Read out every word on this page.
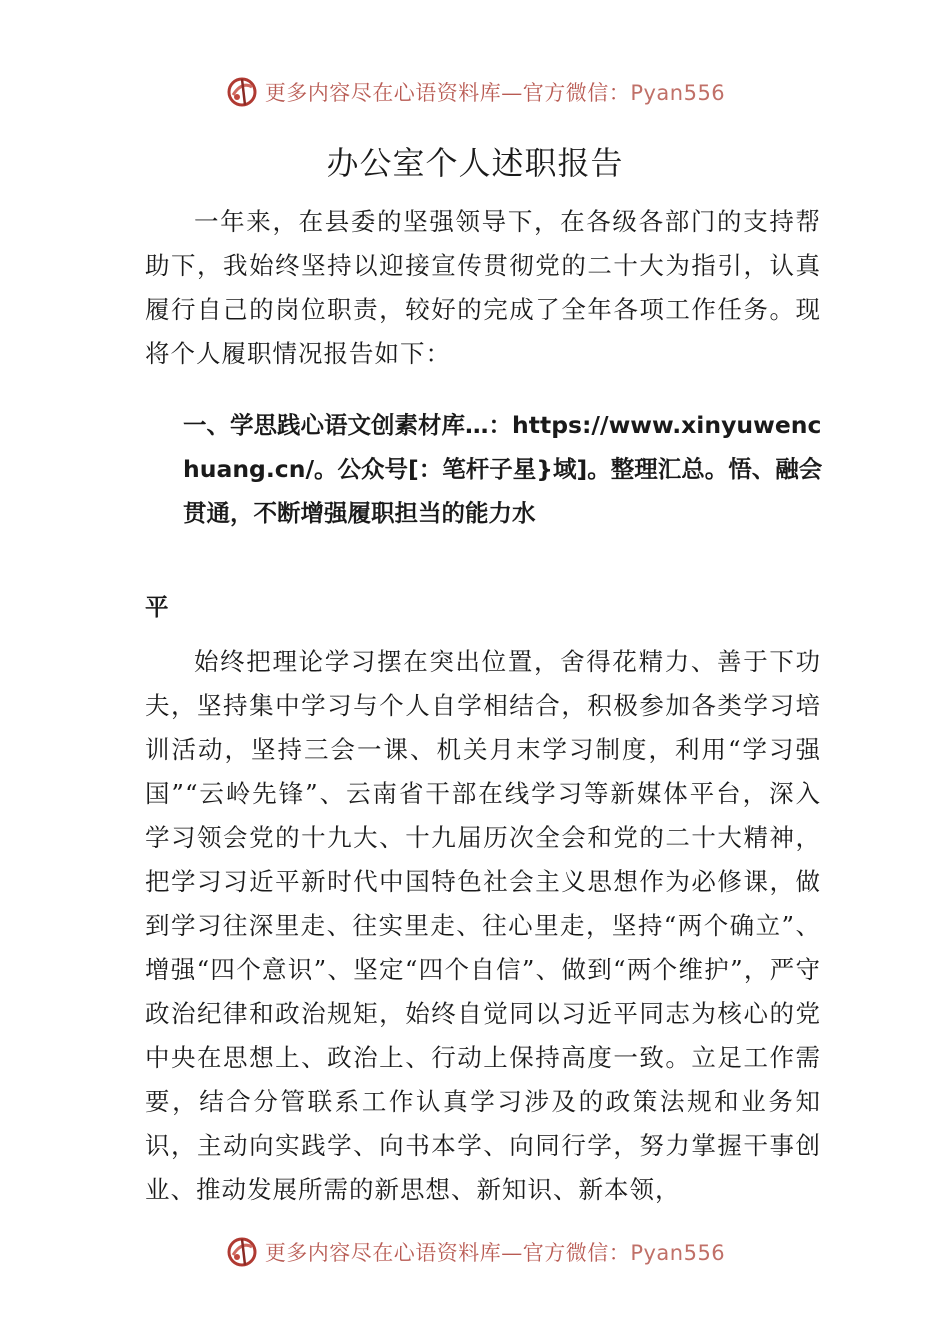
更多内容尽在心语资料库—官方微信：Pyan556
办公室个人述职报告

一年来，在县委的坚强领导下，在各级各部门的支持帮助下，我始终坚持以迎接宣传贯彻党的二十大为指引，认真履行自己的岗位职责，较好的完成了全年各项工作任务。现将个人履职情况报告如下：

一、学思践心语文创素材库…：https://www.xinyuwenchuang.cn/。公众号[：笔杆子星}域]。整理汇总。悟、融会贯通，不断增强履职担当的能力水

平

始终把理论学习摆在突出位置，舍得花精力、善于下功夫，坚持集中学习与个人自学相结合，积极参加各类学习培训活动，坚持三会一课、机关月末学习制度，利用“学习强国”“云岭先锋”、云南省干部在线学习等新媒体平台，深入学习领会党的十九大、十九届历次全会和党的二十大精神，把学习习近平新时代中国特色社会主义思想作为必修课，做到学习往深里走、往实里走、往心里走，坚持“两个确立”、增强“四个意识”、坚定“四个自信”、做到“两个维护”，严守政治纪律和政治规矩，始终自觉同以习近平同志为核心的党中央在思想上、政治上、行动上保持高度一致。立足工作需要，结合分管联系工作认真学习涉及的政策法规和业务知识，主动向实践学、向书本学、向同行学，努力掌握干事创业、推动发展所需的新思想、新知识、新本领，

更多内容尽在心语资料库—官方微信：Pyan556
